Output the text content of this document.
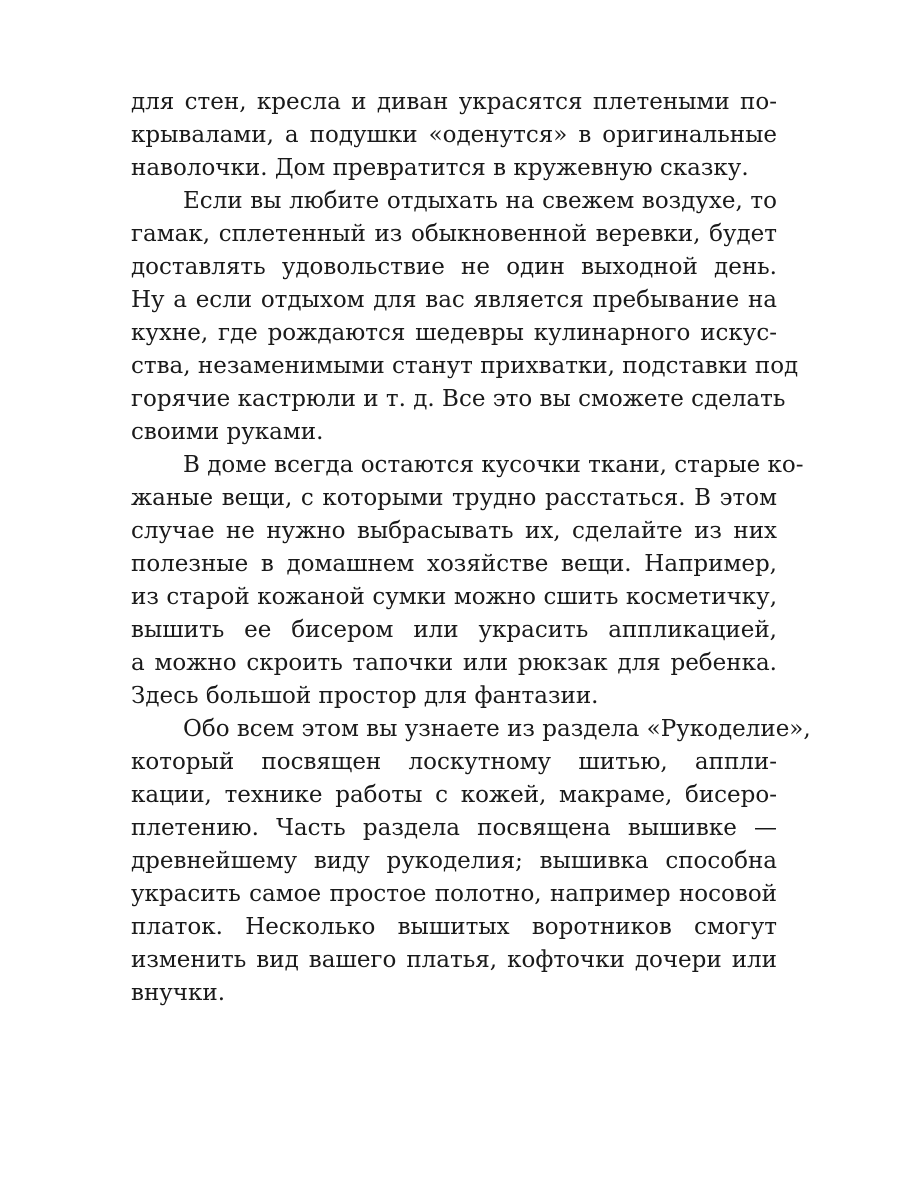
для стен, кресла и диван украсятся плетеными по-
крывалами, а подушки «оденутся» в оригинальные
наволочки. Дом превратится в кружевную сказку.
Если вы любите отдыхать на свежем воздухе, то
гамак, сплетенный из обыкновенной веревки, будет
доставлять удовольствие не один выходной день.
Ну а если отдыхом для вас является пребывание на
кухне, где рождаются шедевры кулинарного искус-
ства, незаменимыми станут прихватки, подставки под
горячие кастрюли и т. д. Все это вы сможете сделать
своими руками.
В доме всегда остаются кусочки ткани, старые ко-
жаные вещи, с которыми трудно расстаться. В этом
случае не нужно выбрасывать их, сделайте из них
полезные в домашнем хозяйстве вещи. Например,
из старой кожаной сумки можно сшить косметичку,
вышить ее бисером или украсить аппликацией,
а можно скроить тапочки или рюкзак для ребенка.
Здесь большой простор для фантазии.
Обо всем этом вы узнаете из раздела «Рукоделие»,
который посвящен лоскутному шитью, аппли-
кации, технике работы с кожей, макраме, бисеро-
плетению. Часть раздела посвящена вышивке —
древнейшему виду рукоделия; вышивка способна
украсить самое простое полотно, например носовой
платок. Несколько вышитых воротников смогут
изменить вид вашего платья, кофточки дочери или
внучки.
